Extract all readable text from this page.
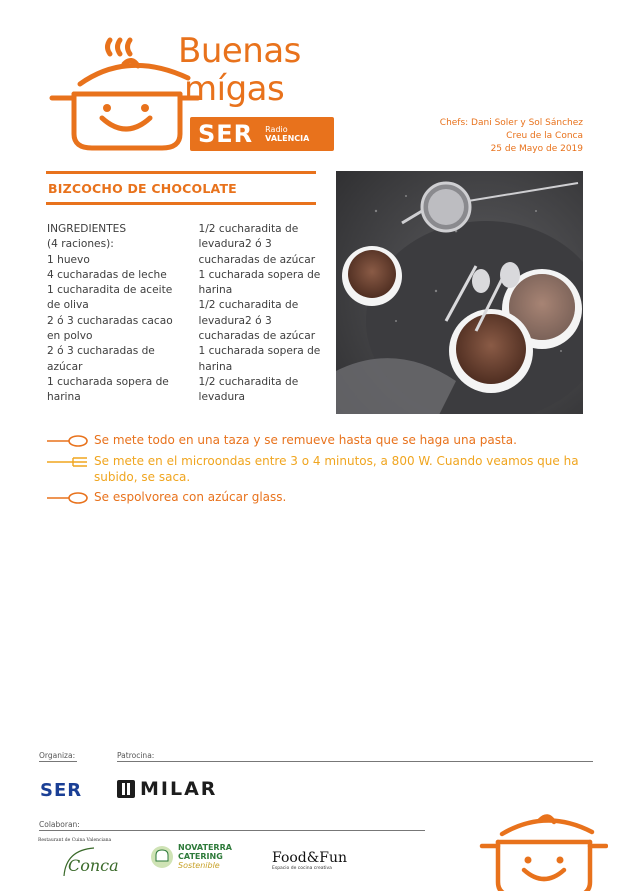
Buenas
mígas
SER Radio
VALENCIA
Chefs: Dani Soler y Sol Sánchez
Creu de la Conca
25 de Mayo de 2019
BIZCOCHO DE CHOCOLATE
INGREDIENTES
(4 raciones):
1 huevo
4 cucharadas de leche
1 cucharadita de aceite de oliva
2 ó 3 cucharadas cacao en polvo
2 ó 3 cucharadas de azúcar
1 cucharada sopera de harina
1/2 cucharadita de levadura2 ó 3 cucharadas de azúcar
1 cucharada sopera de harina
1/2 cucharadita de levadura2 ó 3 cucharadas de azúcar
1 cucharada sopera de harina
1/2 cucharadita de levadura
Se mete todo en una taza y se remueve hasta que se haga una pasta.
Se mete en el microondas entre 3 o 4 minutos, a 800 W. Cuando veamos que ha subido, se saca.
Se espolvorea con azúcar glass.
Organiza:	Patrocina:
SER	MILAR
Colaboran:
Restaurant de Cuina Valenciana
Conca
NOVATERRA
CATERING
Sostenible	Food&Fun
Espacio de cocina creativa
